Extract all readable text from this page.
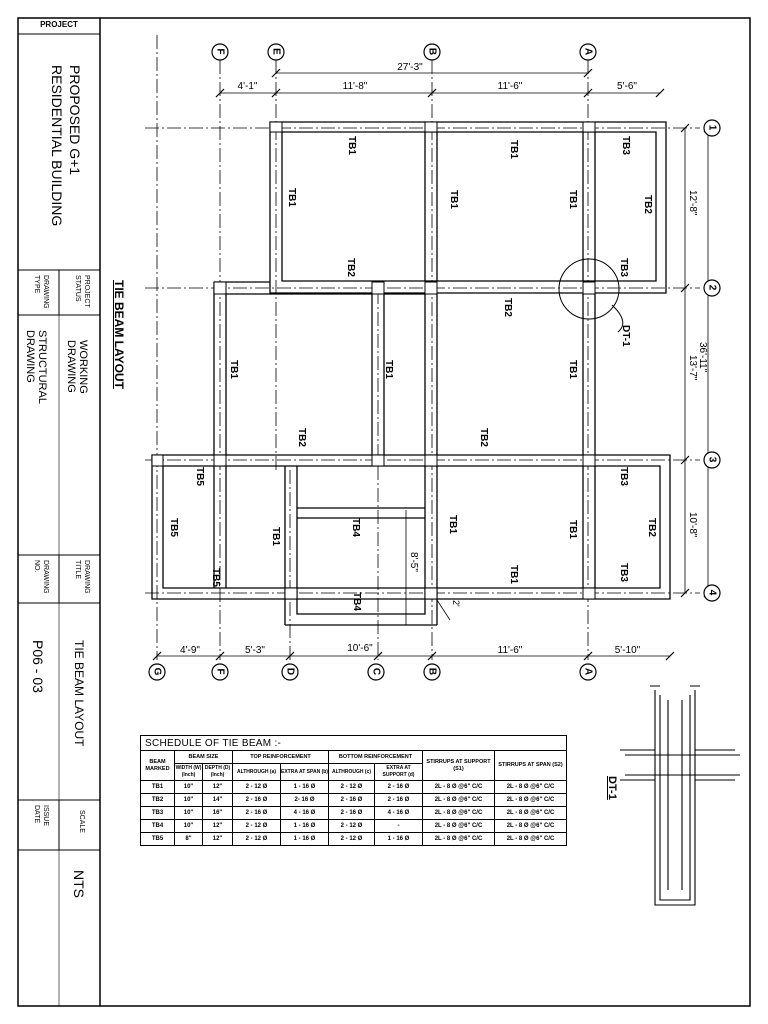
PROJECT
PROPOSED G+1
RESIDENTIAL BUILDING
PROJECT
STATUS
DRAWING
TYPE
WORKING
DRAWING
STRUCTURAL
DRAWING
DRAWING
TITLE
DRAWING
NO.
TIE BEAM LAYOUT
P06 - 03
SCALE
ISSUE
DATE
NTS
TIE BEAM LAYOUT
F	E	B	A
G	F	D	C	B	A
1
2
3
4
27'-3"
4'-1"	11'-8"	11'-6"	5'-6"
4'-9"	5'-3"	10'-6"	11'-6"	5'-10"
12'-8"
13'-7"
10'-8"
36'-11"
8'-5"
2'
TB1	TB1	TB3
TB1	TB1	TB1	TB2
TB2	TB3
TB2
DT-1
TB1	TB1	TB1
TB2	TB2
TB5	TB3
TB5	TB1	TB4	TB1	TB1	TB2
TB5	TB1	TB3
TB4
DT-1
SCHEDULE OF TIE BEAM :-								
BEAM MARKED	BEAM SIZE		TOP REINFORCEMENT		BOTTOM REINFORCEMENT		STIRRUPS AT SUPPORT (S1)	STIRRUPS AT SPAN (S2)
	WIDTH (W) (Inch)	DEPTH (D) (Inch)	ALTHROUGH (a)	EXTRA AT SPAN (b)	ALTHROUGH (c)	EXTRA AT SUPPORT (d)		
TB1	10"	12"	2 - 12 Ø	1 - 16 Ø	2 - 12 Ø	2 - 16 Ø	2L - 8 Ø @6" C/C	2L - 8 Ø @6" C/C
TB2	10"	14"	2 - 16 Ø	2- 16 Ø	2 - 16 Ø	2 - 16 Ø	2L - 8 Ø @6" C/C	2L - 8 Ø @6" C/C
TB3	10"	16"	2 - 16 Ø	4 - 16 Ø	2 - 16 Ø	4 - 16 Ø	2L - 8 Ø @6" C/C	2L - 8 Ø @6" C/C
TB4	10"	12"	2 - 12 Ø	1 - 16 Ø	2 - 12 Ø	-	2L - 8 Ø @6" C/C	2L - 8 Ø @6" C/C
TB5	8"	12"	2 - 12 Ø	1 - 16 Ø	2 - 12 Ø	1 - 16 Ø	2L - 8 Ø @6" C/C	2L - 8 Ø @6" C/C
